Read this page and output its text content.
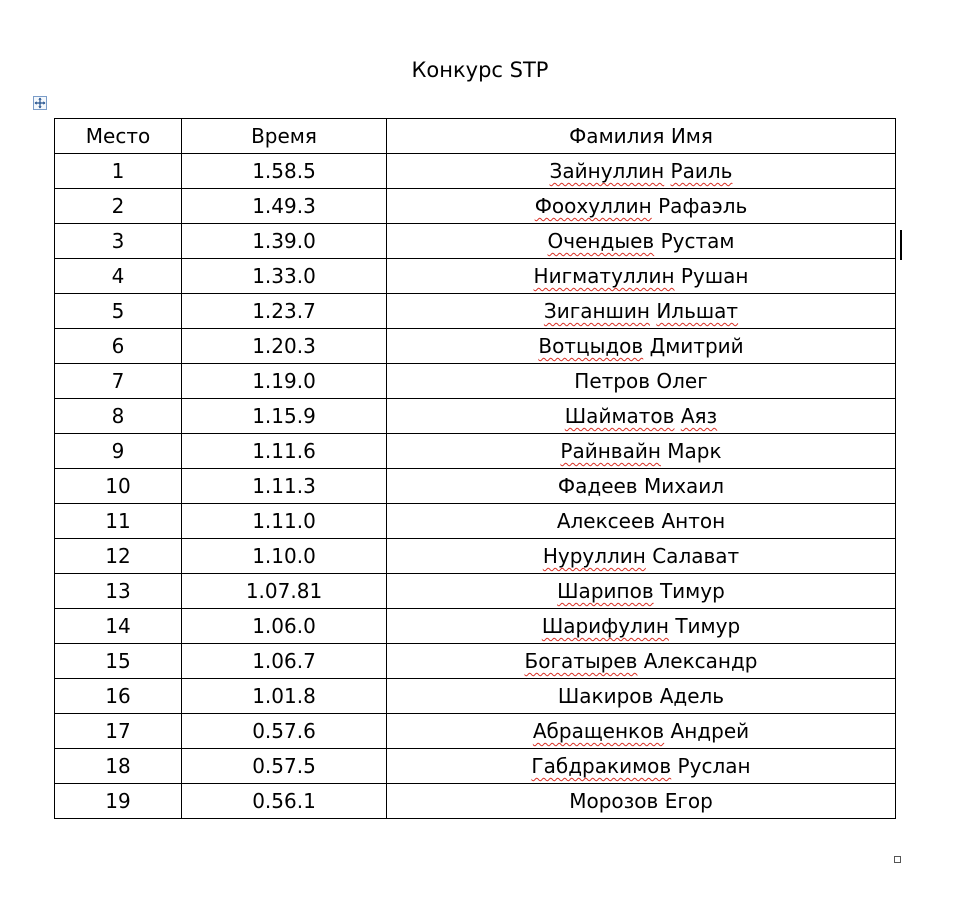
Конкурс STP
Место	Время	Фамилия Имя
1	1.58.5	Зайнуллин Раиль
2	1.49.3	Фоохуллин Рафаэль
3	1.39.0	Очендыев Рустам
4	1.33.0	Нигматуллин Рушан
5	1.23.7	Зиганшин Ильшат
6	1.20.3	Вотцыдов Дмитрий
7	1.19.0	Петров Олег
8	1.15.9	Шайматов Аяз
9	1.11.6	Райнвайн Марк
10	1.11.3	Фадеев Михаил
11	1.11.0	Алексеев Антон
12	1.10.0	Нуруллин Салават
13	1.07.81	Шарипов Тимур
14	1.06.0	Шарифулин Тимур
15	1.06.7	Богатырев Александр
16	1.01.8	Шакиров Адель
17	0.57.6	Абращенков Андрей
18	0.57.5	Габдракимов Руслан
19	0.56.1	Морозов Егор
